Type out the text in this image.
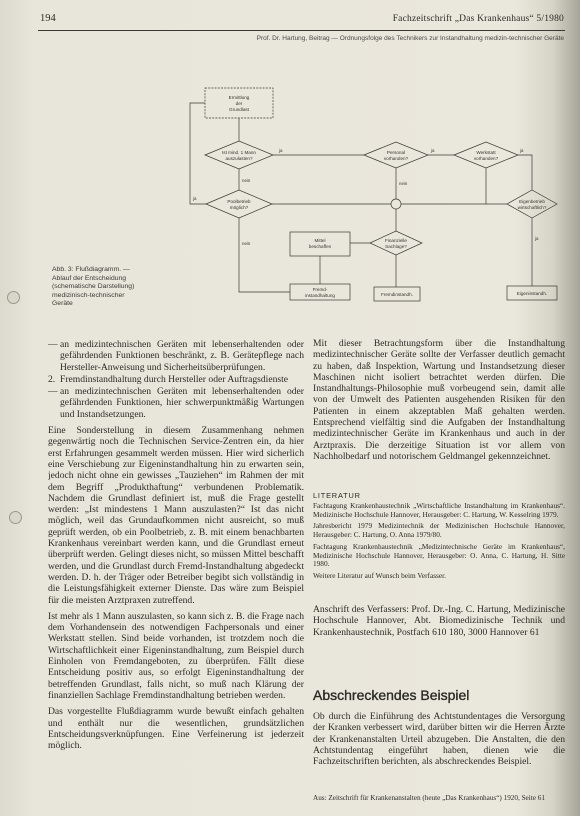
194	Fachzeitschrift „Das Krankenhaus“ 5/1980
Prof. Dr. Hartung, Beitrag — Ordnungsfolge des Technikers zur Instandhaltung medizin-technischer Geräte
Ermittlung
der
Grundlast
Ist mind. 1 Mann
auszulasten?
Personal
vorhanden?
Werkstatt
vorhanden?
Eigenbetrieb
wirtschaftlich?
Poolbetrieb
möglich?
Finanzielle
Sachlage?
Mittel
beschaffen
Fremd-
instandhaltung	Fremdinstandh.	Eigeninstandh.
ja
nein
ja	ja
ja
nein
nein
ja
Abb. 3: Flußdiagramm. — Ablauf der Entscheidung (schematische Darstellung) medizinisch-technischer Geräte
— an medizintechnischen Geräten mit lebenserhaltenden oder gefährdenden Funktionen beschränkt, z. B. Gerätepflege nach Hersteller-Anweisung und Sicherheitsüberprüfungen.
2. Fremdinstandhaltung durch Hersteller oder Auftragsdienste
— an medizintechnischen Geräten mit lebenserhaltenden oder gefährdenden Funktionen, hier schwerpunktmäßig Wartungen und Instandsetzungen.

Eine Sonderstellung in diesem Zusammenhang nehmen gegenwärtig noch die Technischen Service-Zentren ein, da hier erst Erfahrungen gesammelt werden müssen. Hier wird sicherlich eine Verschiebung zur Eigeninstandhaltung hin zu erwarten sein, jedoch nicht ohne ein gewisses „Tauziehen“ im Rahmen der mit dem Begriff „Produkthaftung“ verbundenen Problematik. Nachdem die Grundlast definiert ist, muß die Frage gestellt werden: „Ist mindestens 1 Mann auszulasten?“ Ist das nicht möglich, weil das Grundaufkommen nicht ausreicht, so muß geprüft werden, ob ein Poolbetrieb, z. B. mit einem benachbarten Krankenhaus vereinbart werden kann, und die Grundlast erneut überprüft werden. Gelingt dieses nicht, so müssen Mittel beschafft werden, und die Grundlast durch Fremd-Instandhaltung abgedeckt werden. D. h. der Träger oder Betreiber begibt sich vollständig in die Leistungsfähigkeit externer Dienste. Das wäre zum Beispiel für die meisten Arztpraxen zutreffend.

Ist mehr als 1 Mann auszulasten, so kann sich z. B. die Frage nach dem Vorhandensein des notwendigen Fachpersonals und einer Werkstatt stellen. Sind beide vorhanden, ist trotzdem noch die Wirtschaftlichkeit einer Eigeninstandhaltung, zum Beispiel durch Einholen von Fremdangeboten, zu überprüfen. Fällt diese Entscheidung positiv aus, so erfolgt Eigeninstandhaltung der betreffenden Grundlast, falls nicht, so muß nach Klärung der finanziellen Sachlage Fremdinstandhaltung betrieben werden.

Das vorgestellte Flußdiagramm wurde bewußt einfach gehalten und enthält nur die wesentlichen, grundsätzlichen Entscheidungsverknüpfungen. Eine Verfeinerung ist jederzeit möglich.

Mit dieser Betrachtungsform über die Instandhaltung medizintechnischer Geräte sollte der Verfasser deutlich gemacht zu haben, daß Inspektion, Wartung und Instandsetzung dieser Maschinen nicht isoliert betrachtet werden dürfen. Die Instandhaltungs-Philosophie muß vorbeugend sein, damit alle von der Umwelt des Patienten ausgehenden Risiken für den Patienten in einem akzeptablen Maß gehalten werden. Entsprechend vielfältig sind die Aufgaben der Instandhaltung medizintechnischer Geräte im Krankenhaus und auch in der Arztpraxis. Die derzeitige Situation ist vor allem von Nachholbedarf und notorischem Geldmangel gekennzeichnet.
LITERATUR
Fachtagung Krankenhaustechnik „Wirtschaftliche Instandhaltung im Krankenhaus“. Medizinische Hochschule Hannover, Herausgeber: C. Hartung, W. Kesselring 1979.
Jahresbericht 1979 Medizintechnik der Medizinischen Hochschule Hannover, Herausgeber: C. Hartung, O. Anna 1979/80.
Fachtagung Krankenhaustechnik „Medizintechnische Geräte im Krankenhaus“, Medizinische Hochschule Hannover, Herausgeber: O. Anna, C. Hartung, H. Sitte 1980.
Weitere Literatur auf Wunsch beim Verfasser.
Anschrift des Verfassers: Prof. Dr.-Ing. C. Hartung, Medizinische Hochschule Hannover, Abt. Biomedizinische Technik und Krankenhaustechnik, Postfach 610 180, 3000 Hannover 61
Abschreckendes Beispiel
Ob durch die Einführung des Achtstundentages die Versorgung der Kranken verbessert wird, darüber bitten wir die Herren Ärzte der Krankenanstalten Urteil abzugeben. Die Anstalten, die den Achtstundentag eingeführt haben, dienen wie die Fachzeitschriften berichten, als abschreckendes Beispiel.
Aus: Zeitschrift für Krankenanstalten (heute „Das Krankenhaus“) 1920, Seite 61
